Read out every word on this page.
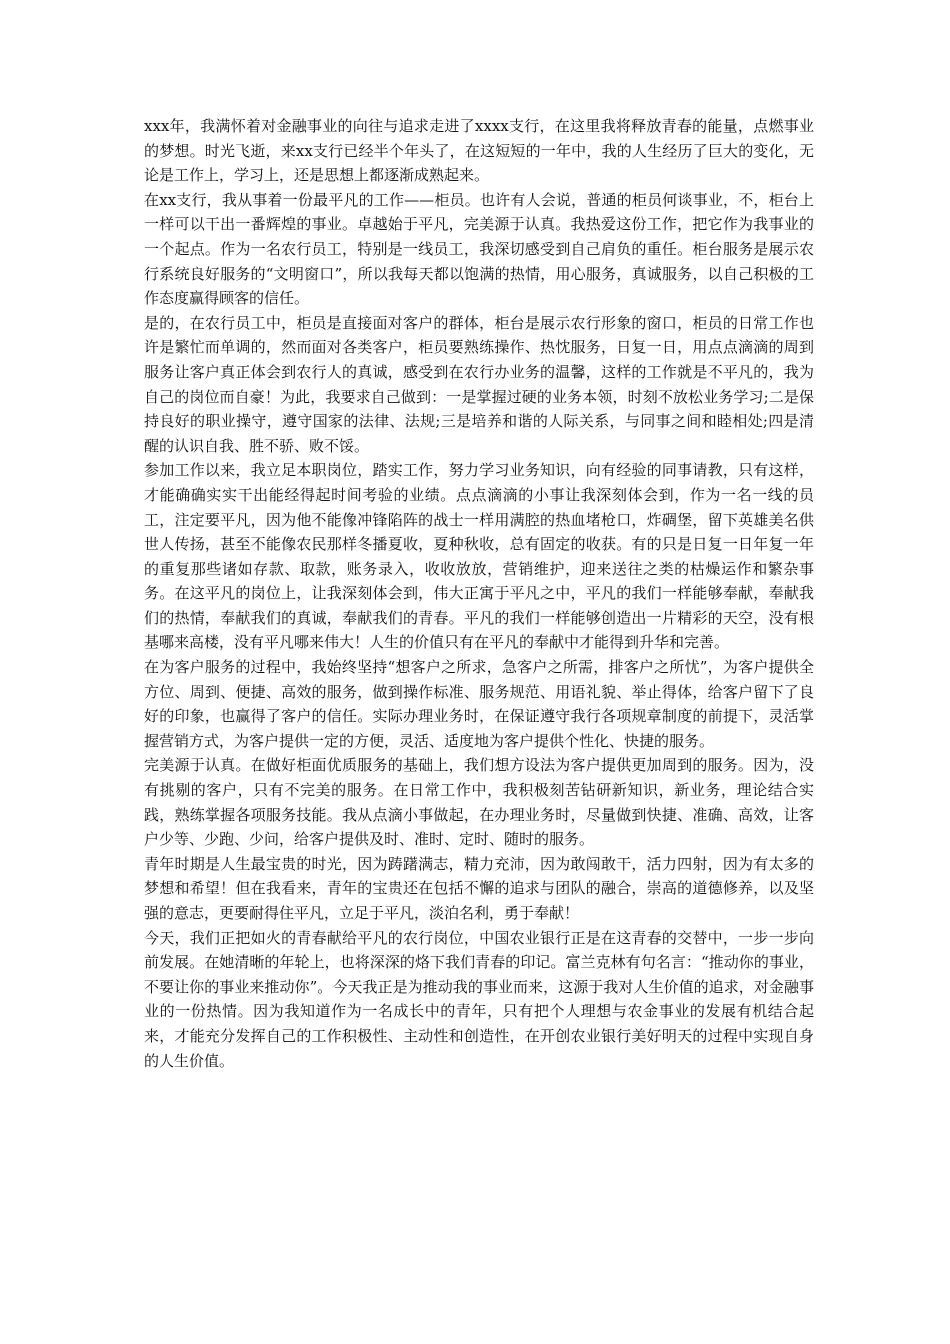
xxx年，我满怀着对金融事业的向往与追求走进了xxxx支行，在这里我将释放青春的能量，点燃事业的梦想。时光飞逝，来xx支行已经半个年头了，在这短短的一年中，我的人生经历了巨大的变化，无论是工作上，学习上，还是思想上都逐渐成熟起来。

在xx支行，我从事着一份最平凡的工作——柜员。也许有人会说，普通的柜员何谈事业，不，柜台上一样可以干出一番辉煌的事业。卓越始于平凡，完美源于认真。我热爱这份工作，把它作为我事业的一个起点。作为一名农行员工，特别是一线员工，我深切感受到自己肩负的重任。柜台服务是展示农行系统良好服务的“文明窗口”，所以我每天都以饱满的热情，用心服务，真诚服务，以自己积极的工作态度赢得顾客的信任。

是的，在农行员工中，柜员是直接面对客户的群体，柜台是展示农行形象的窗口，柜员的日常工作也许是繁忙而单调的，然而面对各类客户，柜员要熟练操作、热忱服务，日复一日，用点点滴滴的周到服务让客户真正体会到农行人的真诚，感受到在农行办业务的温馨，这样的工作就是不平凡的，我为自己的岗位而自豪！为此，我要求自己做到：一是掌握过硬的业务本领，时刻不放松业务学习;二是保持良好的职业操守，遵守国家的法律、法规;三是培养和谐的人际关系，与同事之间和睦相处;四是清醒的认识自我、胜不骄、败不馁。

参加工作以来，我立足本职岗位，踏实工作，努力学习业务知识，向有经验的同事请教，只有这样，才能确确实实干出能经得起时间考验的业绩。点点滴滴的小事让我深刻体会到，作为一名一线的员工，注定要平凡，因为他不能像冲锋陷阵的战士一样用满腔的热血堵枪口，炸碉堡，留下英雄美名供世人传扬，甚至不能像农民那样冬播夏收，夏种秋收，总有固定的收获。有的只是日复一日年复一年的重复那些诸如存款、取款，账务录入，收收放放，营销维护，迎来送往之类的枯燥运作和繁杂事务。在这平凡的岗位上，让我深刻体会到，伟大正寓于平凡之中，平凡的我们一样能够奉献，奉献我们的热情，奉献我们的真诚，奉献我们的青春。平凡的我们一样能够创造出一片精彩的天空，没有根基哪来高楼，没有平凡哪来伟大！人生的价值只有在平凡的奉献中才能得到升华和完善。

在为客户服务的过程中，我始终坚持“想客户之所求，急客户之所需，排客户之所忧”，为客户提供全方位、周到、便捷、高效的服务，做到操作标准、服务规范、用语礼貌、举止得体，给客户留下了良好的印象，也赢得了客户的信任。实际办理业务时，在保证遵守我行各项规章制度的前提下，灵活掌握营销方式，为客户提供一定的方便，灵活、适度地为客户提供个性化、快捷的服务。

完美源于认真。在做好柜面优质服务的基础上，我们想方设法为客户提供更加周到的服务。因为，没有挑剔的客户，只有不完美的服务。在日常工作中，我积极刻苦钻研新知识，新业务，理论结合实践，熟练掌握各项服务技能。我从点滴小事做起，在办理业务时，尽量做到快捷、准确、高效，让客户少等、少跑、少问，给客户提供及时、准时、定时、随时的服务。

青年时期是人生最宝贵的时光，因为踌躇满志，精力充沛，因为敢闯敢干，活力四射，因为有太多的梦想和希望！但在我看来，青年的宝贵还在包括不懈的追求与团队的融合，崇高的道德修养，以及坚强的意志，更要耐得住平凡，立足于平凡，淡泊名利，勇于奉献！

今天，我们正把如火的青春献给平凡的农行岗位，中国农业银行正是在这青春的交替中，一步一步向前发展。在她清晰的年轮上，也将深深的烙下我们青春的印记。富兰克林有句名言：“推动你的事业，不要让你的事业来推动你”。今天我正是为推动我的事业而来，这源于我对人生价值的追求，对金融事业的一份热情。因为我知道作为一名成长中的青年，只有把个人理想与农金事业的发展有机结合起来，才能充分发挥自己的工作积极性、主动性和创造性，在开创农业银行美好明天的过程中实现自身的人生价值。
